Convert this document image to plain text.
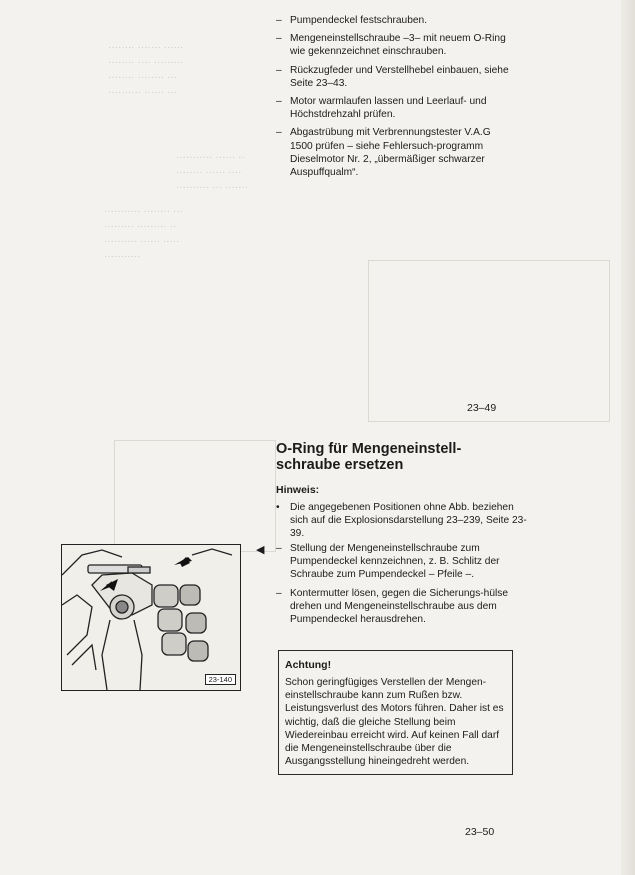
········ ······· ······
········ ···· ·········
········ ········ ···
·········· ······ ···
··········· ······ ··
········ ······ ····
·········· ··· ·······
··········· ········ ···
········· ········· ··
·········· ······ ·····
···········
– Pumpendeckel festschrauben.
– Mengeneinstellschraube –3– mit neuem O-Ring wie gekennzeichnet einschrauben.
– Rückzugfeder und Verstellhebel einbauen, siehe Seite 23–43.
– Motor warmlaufen lassen und Leerlauf- und Höchstdrehzahl prüfen.
– Abgastrübung mit Verbrennungstester V.A.G 1500 prüfen – siehe Fehlersuch-programm Dieselmotor Nr. 2, „übermäßiger schwarzer Auspuffqualm“.
23–49
O-Ring für Mengeneinstell-schraube ersetzen
Hinweis:
• Die angegebenen Positionen ohne Abb. beziehen sich auf die Explosionsdarstellung 23–239, Seite 23-39.
◀ – Stellung der Mengeneinstellschraube zum Pumpendeckel kennzeichnen, z. B. Schlitz der Schraube zum Pumpendeckel – Pfeile –.
– Kontermutter lösen, gegen die Sicherungs-hülse drehen und Mengeneinstellschraube aus dem Pumpendeckel herausdrehen.
Achtung!
Schon geringfügiges Verstellen der Mengen-einstellschraube kann zum Rußen bzw. Leistungsverlust des Motors führen. Daher ist es wichtig, daß die gleiche Stellung beim Wiedereinbau erreicht wird. Auf keinen Fall darf die Mengeneinstellschraube über die Ausgangsstellung hineingedreht werden.
23-140
23–50
